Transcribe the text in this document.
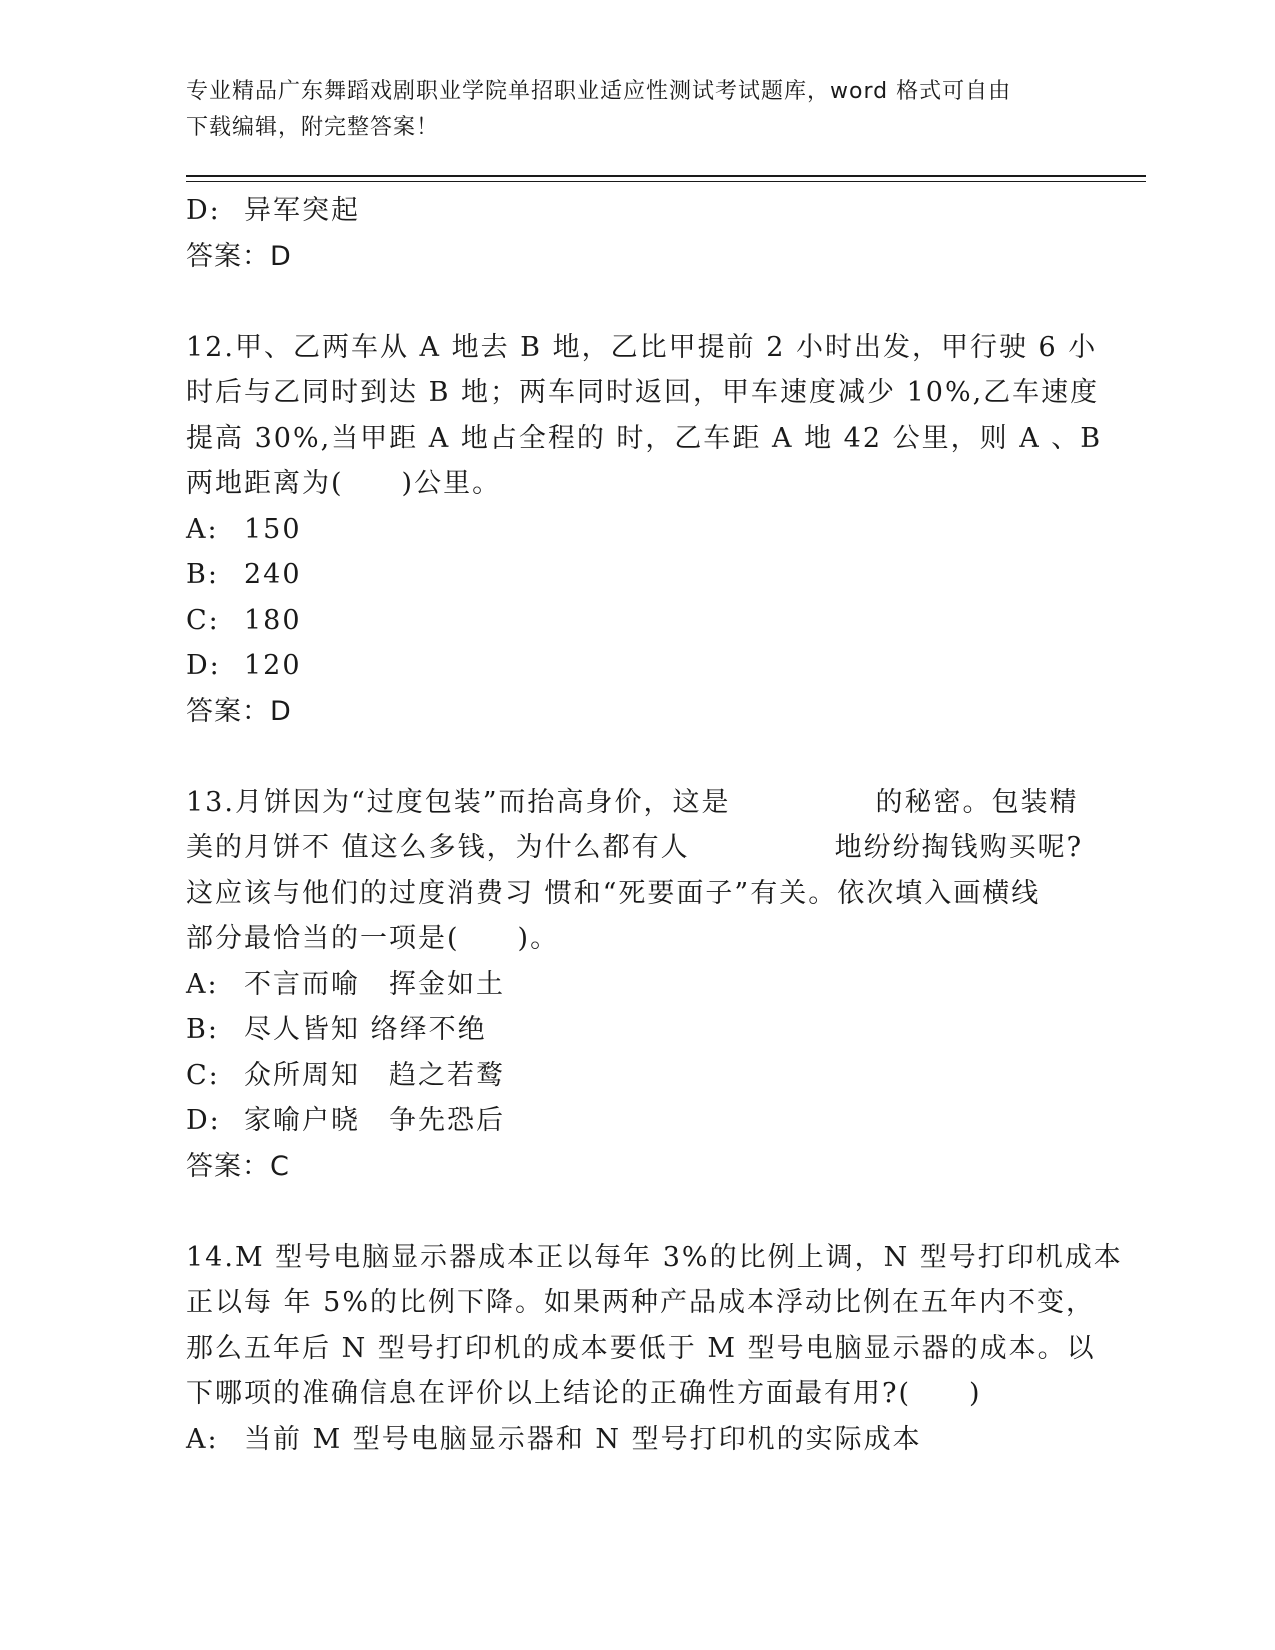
专业精品广东舞蹈戏剧职业学院单招职业适应性测试考试题库，word 格式可自由
下载编辑，附完整答案！
D: 异军突起
答案：D
12.甲、乙两车从 A 地去 B 地，乙比甲提前 2 小时出发，甲行驶 6 小
时后与乙同时到达 B 地；两车同时返回，甲车速度减少 10%,乙车速度
提高 30%,当甲距 A 地占全程的 时，乙车距 A 地 42 公里，则 A 、B
两地距离为(　　)公里。
A: 150
B: 240
C: 180
D: 120
答案：D
13.月饼因为“过度包装”而抬高身价，这是　　　　　的秘密。包装精
美的月饼不 值这么多钱，为什么都有人　　　　　地纷纷掏钱购买呢?
这应该与他们的过度消费习 惯和“死要面子”有关。依次填入画横线
部分最恰当的一项是(　　)。
A: 不言而喻　挥金如土
B: 尽人皆知 络绎不绝
C: 众所周知　趋之若鹜
D: 家喻户晓　争先恐后
答案：C
14.M 型号电脑显示器成本正以每年 3%的比例上调，N 型号打印机成本
正以每 年 5%的比例下降。如果两种产品成本浮动比例在五年内不变，
那么五年后 N 型号打印机的成本要低于 M 型号电脑显示器的成本。以
下哪项的准确信息在评价以上结论的正确性方面最有用?(　　)
A: 当前 M 型号电脑显示器和 N 型号打印机的实际成本
